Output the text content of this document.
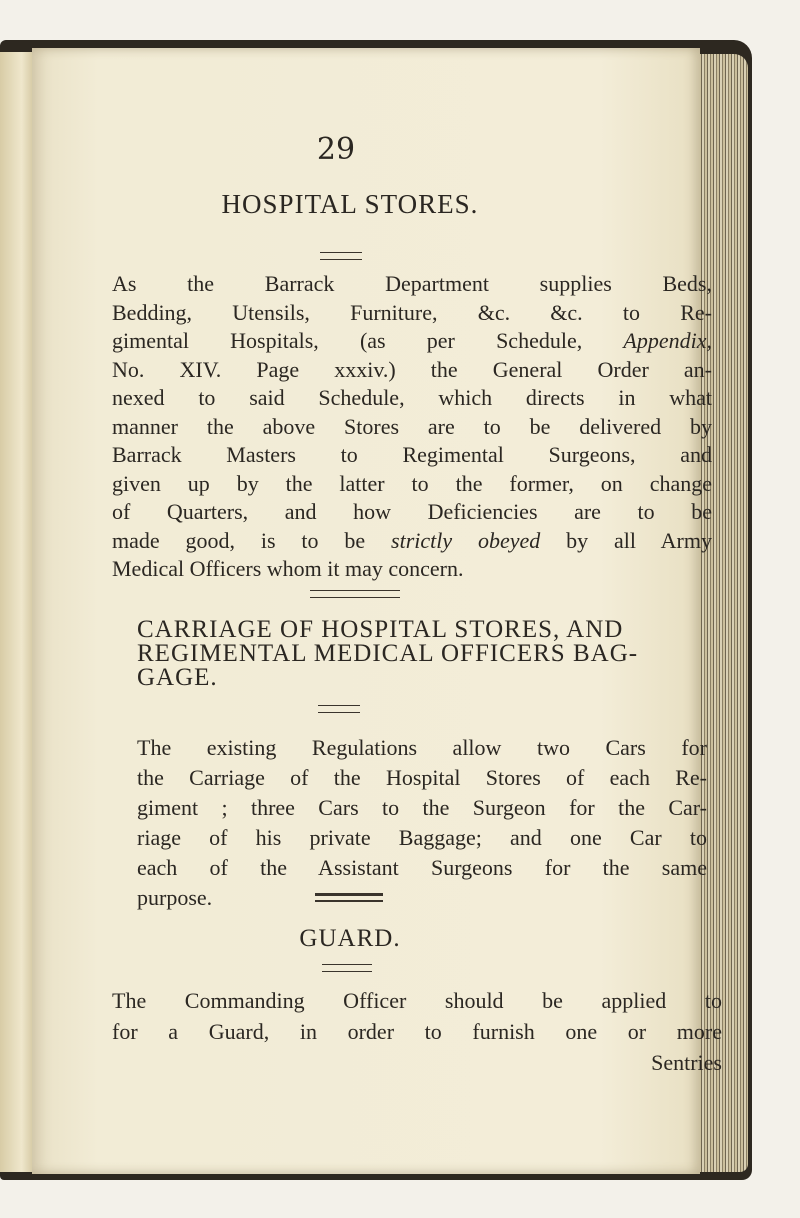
29
HOSPITAL STORES.
As the Barrack Department supplies Beds,
Bedding, Utensils, Furniture, &c. &c. to Re-
gimental Hospitals, (as per Schedule, Appendix,
No. XIV. Page xxxiv.) the General Order an-
nexed to said Schedule, which directs in what
manner the above Stores are to be delivered by
Barrack Masters to Regimental Surgeons, and
given up by the latter to the former, on change
of Quarters, and how Deficiencies are to be
made good, is to be strictly obeyed by all Army
Medical Officers whom it may concern.
CARRIAGE OF HOSPITAL STORES, AND
REGIMENTAL MEDICAL OFFICERS BAG-
GAGE.
The existing Regulations allow two Cars for
the Carriage of the Hospital Stores of each Re-
giment ; three Cars to the Surgeon for the Car-
riage of his private Baggage; and one Car to
each of the Assistant Surgeons for the same
purpose.
GUARD.
The Commanding Officer should be applied to
for a Guard, in order to furnish one or more
Sentries
